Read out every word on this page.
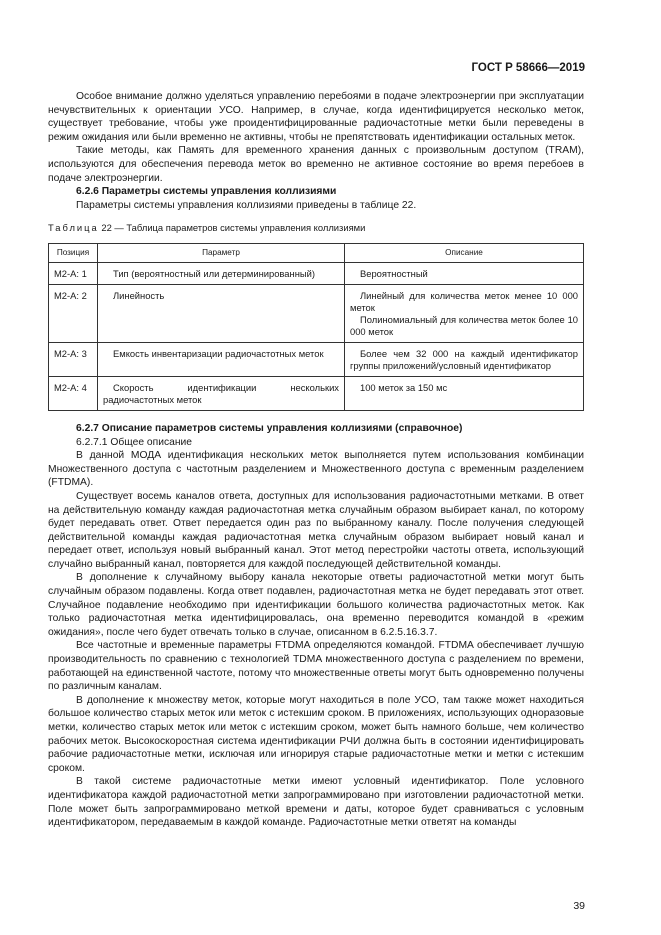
ГОСТ Р 58666—2019

Особое внимание должно уделяться управлению перебоями в подаче электроэнергии при эксплуатации нечувствительных к ориентации УСО. Например, в случае, когда идентифицируется несколько меток, существует требование, чтобы уже проидентифицированные радиочастотные метки были переведены в режим ожидания или были временно не активны, чтобы не препятствовать идентификации остальных меток.

Такие методы, как Память для временного хранения данных с произвольным доступом (TRAM), используются для обеспечения перевода меток во временно не активное состояние во время перебоев в подаче электроэнергии.

6.2.6 Параметры системы управления коллизиями

Параметры системы управления коллизиями приведены в таблице 22.

Таблица 22 — Таблица параметров системы управления коллизиями

Позиция	Параметр	Описание
M2-A: 1	Тип (вероятностный или детерминированный)	Вероятностный

M2-A: 2	Линейность	Линейный для количества меток менее 10 000 меток

Полиномиальный для количества меток более 10 000 меток

M2-A: 3	Емкость инвентаризации радиочастотных меток	Более чем 32 000 на каждый идентификатор группы приложений/условный идентификатор

M2-A: 4	Скорость идентификации нескольких радиочастотных меток	100 меток за 150 мс

6.2.7 Описание параметров системы управления коллизиями (справочное)

6.2.7.1 Общее описание

В данной МОДА идентификация нескольких меток выполняется путем использования комбинации Множественного доступа с частотным разделением и Множественного доступа с временным разделением (FTDMA).

Существует восемь каналов ответа, доступных для использования радиочастотными метками. В ответ на действительную команду каждая радиочастотная метка случайным образом выбирает канал, по которому будет передавать ответ. Ответ передается один раз по выбранному каналу. После получения следующей действительной команды каждая радиочастотная метка случайным образом выбирает новый канал и передает ответ, используя новый выбранный канал. Этот метод перестройки частоты ответа, использующий случайно выбранный канал, повторяется для каждой последующей действительной команды.

В дополнение к случайному выбору канала некоторые ответы радиочастотной метки могут быть случайным образом подавлены. Когда ответ подавлен, радиочастотная метка не будет передавать этот ответ. Случайное подавление необходимо при идентификации большого количества радиочастотных меток. Как только радиочастотная метка идентифицировалась, она временно переводится командой в «режим ожидания», после чего будет отвечать только в случае, описанном в 6.2.5.16.3.7.

Все частотные и временные параметры FTDMA определяются командой. FTDMA обеспечивает лучшую производительность по сравнению с технологией TDMA множественного доступа с разделением по времени, работающей на единственной частоте, потому что множественные ответы могут быть одновременно получены по различным каналам.

В дополнение к множеству меток, которые могут находиться в поле УСО, там также может находиться большое количество старых меток или меток с истекшим сроком. В приложениях, использующих одноразовые метки, количество старых меток или меток с истекшим сроком, может быть намного больше, чем количество рабочих меток. Высокоскоростная система идентификации РЧИ должна быть в состоянии идентифицировать рабочие радиочастотные метки, исключая или игнорируя старые радиочастотные метки и метки с истекшим сроком.

В такой системе радиочастотные метки имеют условный идентификатор. Поле условного идентификатора каждой радиочастотной метки запрограммировано при изготовлении радиочастотной метки. Поле может быть запрограммировано меткой времени и даты, которое будет сравниваться с условным идентификатором, передаваемым в каждой команде. Радиочастотные метки ответят на команды

39
